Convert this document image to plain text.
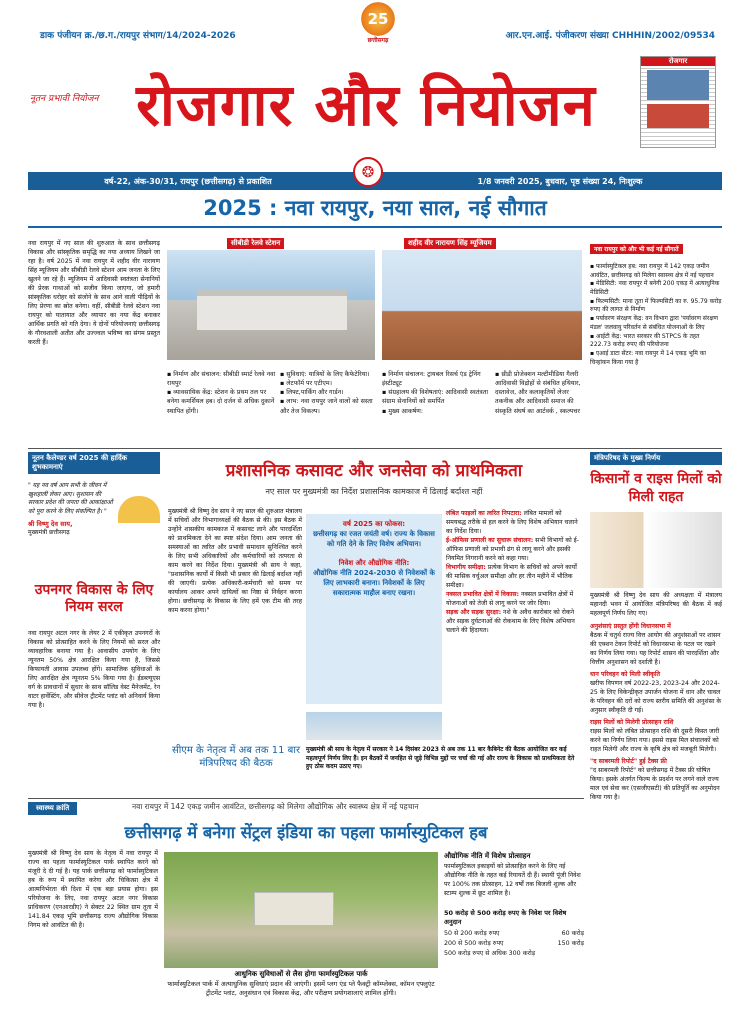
डाक पंजीयन क्र./छ.ग./रायपुर संभाग/14/2024-2026	आर.एन.आई. पंजीकरण संख्या CHHHIN/2002/09534
25
छत्तीसगढ़
नूतन प्रभावी नियोजन रोजगार और नियोजन
रोजगार
वर्ष-22, अंक-30/31, रायपुर (छत्तीसगढ़) से प्रकाशित	1/8 जनवरी 2025, बुधवार, पृष्ठ संख्या 24, निःशुल्क
❂
2025 : नवा रायपुर, नया साल, नई सौगात
नवा रायपुर में नए साल की शुरुआत के साथ छत्तीसगढ़ विकास और सांस्कृतिक समृद्धि का नया अध्याय लिखने जा रहा है। वर्ष 2025 में नवा रायपुर में शहीद वीर नारायण सिंह म्यूजियम और सीबीडी रेलवे स्टेशन आम जनता के लिए खुलने जा रहे हैं। म्यूजियम में आदिवासी स्वतंत्रता सेनानियों की प्रेरक गाथाओं को सजीव किया जाएगा, जो हमारी सांस्कृतिक धरोहर को संजोने के साथ आने वाली पीढ़ियों के लिए प्रेरणा का स्रोत बनेगा। वहीं, सीबीडी रेलवे स्टेशन नवा रायपुर को यातायात और व्यापार का नया केंद्र बनाकर आर्थिक प्रगति को गति देगा। ये दोनों परियोजनाएं छत्तीसगढ़ के गौरवशाली अतीत और उज्ज्वल भविष्य का संगम प्रस्तुत करती हैं।
सीबीडी रेलवे स्टेशन
▪ निर्माण और संचालन: सीबीडी स्मार्ट रेलवे नवा रायपुर
▪ व्यावसायिक केंद्र: स्टेशन के प्रथम तल पर बनेगा कमर्शियल हब। दो दर्जन से अधिक दुकानें स्थापित होंगी।
▪ सुविधाएं: यात्रियों के लिए कैफेटेरिया।
▪ लेटफॉर्म पर एटीएम।
▪ लिफ्ट,पार्किंग और गार्डन।
▪ लाभ: नवा रायपुर जाने वालों को सस्ता और तेज विकल्प।
शहीद वीर नारायण सिंह म्यूजियम
▪ निर्माण संचालन: ट्रायबल रिसर्च एंड ट्रेनिंग इंस्टीट्यूट
▪ संग्रहालय की विशेषताएं: आदिवासी स्वतंत्रता संग्राम सेनानियों को समर्पित
▪ मुख्य आकर्षण:
▪ थ्रीडी प्रोजेक्शन मल्टीमीडिया गैलरी आदिवासी विद्रोहों से संबंधित हथियार, दस्तावेज, और कलाकृतियों लेजर तकनीक और आदिवासी समाज की संस्कृति संघर्ष का आर्टवर्क , स्कल्पचर
नवा रायपुर को और भी कई नई सौगातें
▪ फार्मास्युटिकल हब: नवा रायपुर में 142 एकड़ जमीन आवंटित, छत्तीसगढ़ को मिलेगा स्वास्थ्य क्षेत्र में नई पहचान
▪ मेडिसिटी: नवा रायपुर में बनेगी 200 एकड़ में अत्याधुनिक मेडिसिटी
▪ फिल्मसिटी: माना तूता में फिल्मसिटी का रु. 95.79 करोड़ रुपए की लागत से निर्माण
▪ पर्यावरण संरक्षण केंद्र: वन विभाग द्वारा 'पर्यावरण संरक्षण मंडल' जलवायु परिवर्तन से संबंधित योजनाओं के लिए
▪ आईटी केंद्र: भारत सरकार की STPCS के तहत 222.73 करोड़ रुपए की परियोजना
▪ एआई डाटा सेंटर: नवा रायपुर में 14 एकड़ भूमि का चिन्हांकन किया गया है
नूतन कैलेण्डर वर्ष 2025 की हार्दिक शुभकामनाएं
" यह नव वर्ष आप सभी के जीवन में खुशहाली लेकर आए। सुशासन की सरकार प्रदेश की जनता की आकांक्षाओं को पूरा करने के लिए संकल्पित है। "
श्री विष्णु देव साय,
मुख्यमंत्री छत्तीसगढ़
उपनगर विकास के लिए नियम सरल
नवा रायपुर अटल नगर के लेयर 2 में एकीकृत उपनगरों के विकास को प्रोत्साहित करने के लिए नियमों को सरल और व्यावहारिक बनाया गया है। आवासीय उपयोग के लिए न्यूनतम 50% क्षेत्र आरक्षित किया गया है, जिससे किफायती आवास उपलब्ध होंगे। सामाजिक सुविधाओं के लिए आरक्षित क्षेत्र न्यूनतम 5% किया गया है। ईडब्ल्यूएस वर्ग के प्रावधानों में सुधार के साथ सॉलिड वेस्ट मैनेजमेंट, रेन वाटर हार्वेस्टिंग, और सीवेज ट्रीटमेंट प्लांट को अनिवार्य किया गया है।
प्रशासनिक कसावट और जनसेवा को प्राथमिकता
नए साल पर मुख्यमंत्री का निर्देश प्रशासनिक कामकाज में ढिलाई बर्दाश्त नहीं
मुख्यमंत्री श्री विष्णु देव साय ने नए साल की शुरुआत मंत्रालय में सचिवों और विभागाध्यक्षों की बैठक से की। इस बैठक में उन्होंने शासकीय कामकाज में कसावट लाने और पारदर्शिता को प्राथमिकता देने का स्पष्ट संदेश दिया। आम जनता की समस्याओं का त्वरित और प्रभावी समाधान सुनिश्चित करने के लिए सभी अधिकारियों और कर्मचारियों को तत्परता से काम करने का निर्देश दिया। मुख्यमंत्री श्री साय ने कहा, "प्रशासनिक कार्यों में किसी भी प्रकार की ढिलाई बर्दाश्त नहीं की जाएगी। प्रत्येक अधिकारी-कर्मचारी को समय पर कार्यालय आकर अपने दायित्वों का निष्ठा से निर्वहन करना होगा। छत्तीसगढ़ के विकास के लिए हमें एक टीम की तरह काम करना होगा।"
वर्ष 2025 का फोकस:
छत्तीसगढ़ का रजत जयंती वर्ष। राज्य के विकास को गति देने के लिए विशेष अभियान।
निवेश और औद्योगिक नीति:
औद्योगिक नीति 2024-2030 से निवेशकों के लिए लाभकारी बनाना। निवेशकों के लिए सकारात्मक माहौल बनाए रखना।
लंबित फाइलों का त्वरित निपटारा: लंबित मामलों को समयबद्ध तरीके से हल करने के लिए विशेष अभियान चलाने का निर्देश दिया।
ई-ऑफिस प्रणाली का सुचारू संचालन: सभी विभागों को ई-ऑफिस प्रणाली को प्रभावी ढंग से लागू करने और इसकी नियमित निगरानी करने को कहा गया।
विभागीय समीक्षा: प्रत्येक विभाग के सचिवों को अपने कार्यों की मासिक वर्चुअल समीक्षा और हर तीन महीने में भौतिक समीक्षा।
नक्सल प्रभावित क्षेत्रों में विकास: नक्सल प्रभावित क्षेत्रों में योजनाओं को तेजी से लागू करने पर जोर दिया।
सड़क और सड़क सुरक्षा: नशे के अवैध कारोबार को रोकने और सड़क दुर्घटनाओं की रोकथाम के लिए विशेष अभियान चलाने की हिदायत।
सीएम के नेतृत्व में अब तक 11 बार मंत्रिपरिषद की बैठक
मुख्यमंत्री श्री साय के नेतृत्व में सरकार ने 14 दिसंबर 2023 से अब तक 11 बार कैबिनेट की बैठक आयोजित कर कई महत्वपूर्ण निर्णय लिए हैं। इन बैठकों में जनहित से जुड़े विभिन्न मुद्दों पर चर्चा की गई और राज्य के विकास को प्राथमिकता देते हुए ठोस कदम उठाए गए।
मंत्रिपरिषद के मुख्य निर्णय
किसानों व राइस मिलों को मिली राहत
मुख्यमंत्री श्री विष्णु देव साय की अध्यक्षता में मंत्रालय महानदी भवन में आयोजित मंत्रिपरिषद की बैठक में कई महत्वपूर्ण निर्णय लिए गए।
अनुशंसाएं प्रस्तुत होंगी विधानसभा में
बैठक में चतुर्थ राज्य वित्त आयोग की अनुशंसाओं पर शासन की एक्शन टेकन रिपोर्ट को विधानसभा के पटल पर रखने का निर्णय लिया गया। यह रिपोर्ट शासन की पारदर्शिता और वित्तीय अनुशासन को दर्शाती है।
धान परिवहन को मिली स्वीकृति
खरीफ विपणन वर्ष 2022-23, 2023-24 और 2024-25 के लिए विकेन्द्रीकृत उपार्जन योजना में धान और चावल के परिवहन की दरों को राज्य स्तरीय समिति की अनुशंसा के अनुसार स्वीकृति दी गई।
राइस मिलों को मिलेगी प्रोत्साहन राशि
राइस मिलों को लंबित प्रोत्साहन राशि की दूसरी किस्त जारी करने का निर्णय लिया गया। इससे राइस मिल संचालकों को राहत मिलेगी और राज्य के कृषि क्षेत्र को मजबूती मिलेगी।
"द साबरमती रिपोर्ट" हुई टैक्स फ्री
"द साबरमती रिपोर्ट" को छत्तीसगढ़ में टैक्स फ्री घोषित किया। इसके अंतर्गत फिल्म के प्रदर्शन पर लगने वाले राज्य माल एवं सेवा कर (एसजीएसटी) की प्रतिपूर्ति का अनुमोदन किया गया है।
स्वास्थ्य क्रांति	नवा रायपुर में 142 एकड़ जमीन आवंटित, छत्तीसगढ़ को मिलेगा औद्योगिक और स्वास्थ्य क्षेत्र में नई पहचान
छत्तीसगढ़ में बनेगा सेंट्रल इंडिया का पहला फार्मास्युटिकल हब
मुख्यमंत्री श्री विष्णु देव साय के नेतृत्व में नवा रायपुर में राज्य का पहला फार्मास्युटिकल पार्क स्थापित करने को मंजूरी दे दी गई है। यह पार्क छत्तीसगढ़ को फार्मास्युटिकल हब के रूप में स्थापित करेगा और चिकित्सा क्षेत्र में आत्मनिर्भरता की दिशा में एक बड़ा प्रयास होगा। इस परियोजना के लिए, नवा रायपुर अटल नगर विकास प्राधिकरण (एनआरडीए) ने सेक्टर 22 स्थित ग्राम तूता में 141.84 एकड़ भूमि छत्तीसगढ़ राज्य औद्योगिक विकास निगम को आवंटित की है।
आधुनिक सुविधाओं से लैस होगा फार्मास्युटिकल पार्क
फार्मास्युटिकल पार्क में अत्याधुनिक सुविधाएं प्रदान की जाएंगी। इसमें प्लग एंड प्ले फैक्ट्री कॉम्प्लेक्स, कॉमन एफ्लुएंट ट्रीटमेंट प्लांट, अनुसंधान एवं विकास केंद्र, और परीक्षण प्रयोगशालाएं शामिल होंगी।
औद्योगिक नीति में विशेष प्रोत्साहन
फार्मास्युटिकल इकाइयों को प्रोत्साहित करने के लिए नई औद्योगिक नीति के तहत कई रियायतें दी हैं। स्थायी पूंजी निवेश पर 100% तक प्रोत्साहन, 12 वर्षों तक बिजली शुल्क और स्टाम्प शुल्क में छूट शामिल है।
50 करोड़ से 500 करोड़ रुपए के निवेश पर विशेष अनुदान
50 से 200 करोड़ रुपए	60 करोड़
200 से 500 करोड़ रुपए	150 करोड़
500 करोड़ रुपए से अधिक 300 करोड़
